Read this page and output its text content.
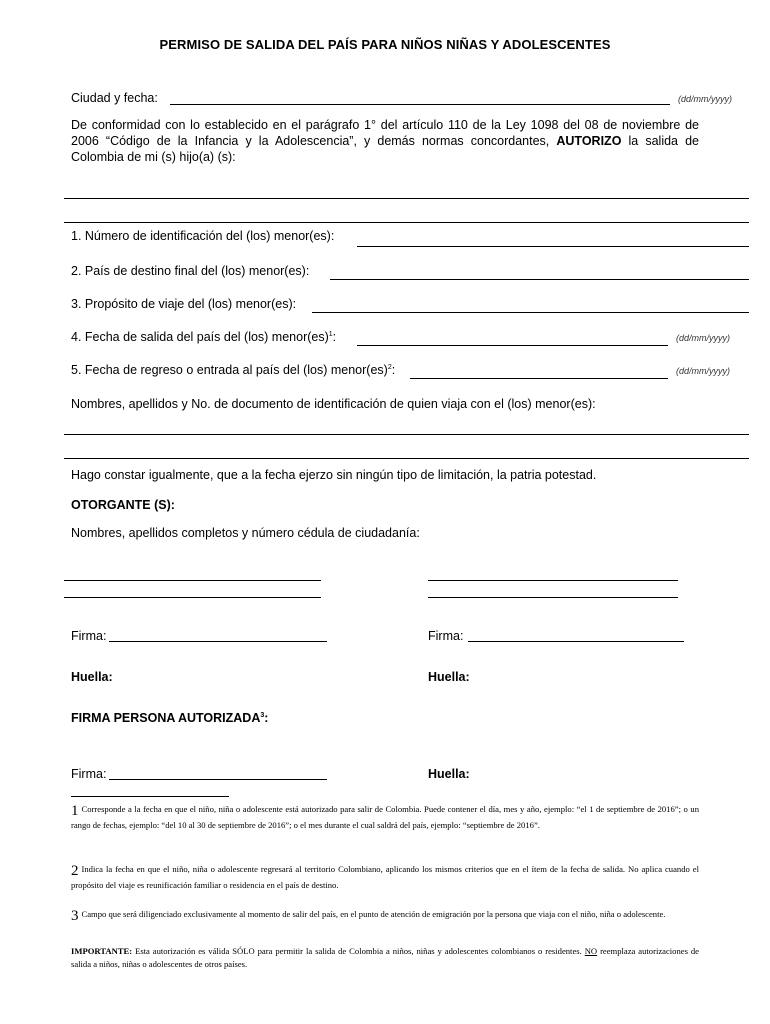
PERMISO DE SALIDA DEL PAÍS PARA NIÑOS NIÑAS Y ADOLESCENTES
Ciudad y fecha:	(dd/mm/yyyy)
De conformidad con lo establecido en el parágrafo 1° del artículo 110 de la Ley 1098 del 08 de noviembre de 2006 “Código de la Infancia y la Adolescencia”, y demás normas concordantes, AUTORIZO la salida de Colombia de mi (s) hijo(a) (s):
1. Número de identificación del (los) menor(es):
2. País de destino final del (los) menor(es):
3. Propósito de viaje del (los) menor(es):
4. Fecha de salida del país del (los) menor(es)$^1$:	(dd/mm/yyyy)
5. Fecha de regreso o entrada al país del (los) menor(es)$^2$:	(dd/mm/yyyy)
Nombres, apellidos y No. de documento de identificación de quien viaja con el (los) menor(es):
Hago constar igualmente, que a la fecha ejerzo sin ningún tipo de limitación, la patria potestad.
OTORGANTE (S):
Nombres, apellidos completos y número cédula de ciudadanía:
Firma:	Firma:
Huella:	Huella:
FIRMA PERSONA AUTORIZADA$^3$:
Firma:	Huella:
1 Corresponde a la fecha en que el niño, niña o adolescente está autorizado para salir de Colombia. Puede contener el día, mes y año, ejemplo: “el 1 de septiembre de 2016”; o un rango de fechas, ejemplo: “del 10 al 30 de septiembre de 2016”; o el mes durante el cual saldrá del país, ejemplo: “septiembre de 2016”.
2 Indica la fecha en que el niño, niña o adolescente regresará al territorio Colombiano, aplicando los mismos criterios que en el ítem de la fecha de salida. No aplica cuando el propósito del viaje es reunificación familiar o residencia en el país de destino.
3 Campo que será diligenciado exclusivamente al momento de salir del país, en el punto de atención de emigración por la persona que viaja con el niño, niña o adolescente.
IMPORTANTE: Esta autorización es válida SÓLO para permitir la salida de Colombia a niños, niñas y adolescentes colombianos o residentes. NO reemplaza autorizaciones de salida a niños, niñas o adolescentes de otros países.
